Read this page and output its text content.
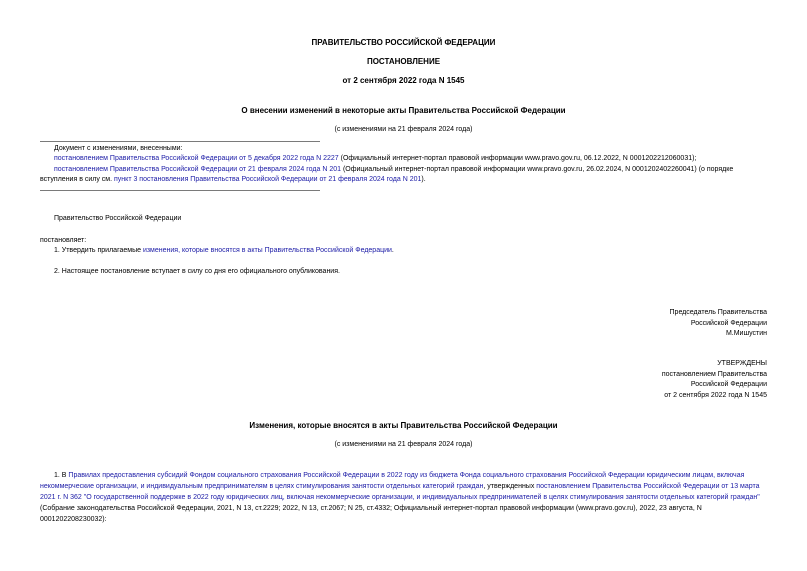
ПРАВИТЕЛЬСТВО РОССИЙСКОЙ ФЕДЕРАЦИИ
ПОСТАНОВЛЕНИЕ
от 2 сентября 2022 года N 1545
О внесении изменений в некоторые акты Правительства Российской Федерации
(с изменениями на 21 февраля 2024 года)
Документ с изменениями, внесенными:
постановлением Правительства Российской Федерации от 5 декабря 2022 года N 2227 (Официальный интернет-портал правовой информации www.pravo.gov.ru, 06.12.2022, N 0001202212060031);
постановлением Правительства Российской Федерации от 21 февраля 2024 года N 201 (Официальный интернет-портал правовой информации www.pravo.gov.ru, 26.02.2024, N 0001202402260041) (о порядке
вступления в силу см. пункт 3 постановления Правительства Российской Федерации от 21 февраля 2024 года N 201).
Правительство Российской Федерации
постановляет:
1. Утвердить прилагаемые изменения, которые вносятся в акты Правительства Российской Федерации.
2. Настоящее постановление вступает в силу со дня его официального опубликования.
Председатель Правительства
Российской Федерации
М.Мишустин
УТВЕРЖДЕНЫ
постановлением Правительства
Российской Федерации
от 2 сентября 2022 года N 1545
Изменения, которые вносятся в акты Правительства Российской Федерации
(с изменениями на 21 февраля 2024 года)
1. В Правилах предоставления субсидий Фондом социального страхования Российской Федерации в 2022 году из бюджета Фонда социального страхования Российской Федерации юридическим лицам, включая некоммерческие организации, и индивидуальным предпринимателям в целях стимулирования занятости отдельных категорий граждан, утвержденных постановлением Правительства Российской Федерации от 13 марта 2021 г. N 362 "О государственной поддержке в 2022 году юридических лиц, включая некоммерческие организации, и индивидуальных предпринимателей в целях стимулирования занятости отдельных категорий граждан" (Собрание законодательства Российской Федерации, 2021, N 13, ст.2229; 2022, N 13, ст.2067; N 25, ст.4332; Официальный интернет-портал правовой информации (www.pravo.gov.ru), 2022, 23 августа, N 0001202208230032):
